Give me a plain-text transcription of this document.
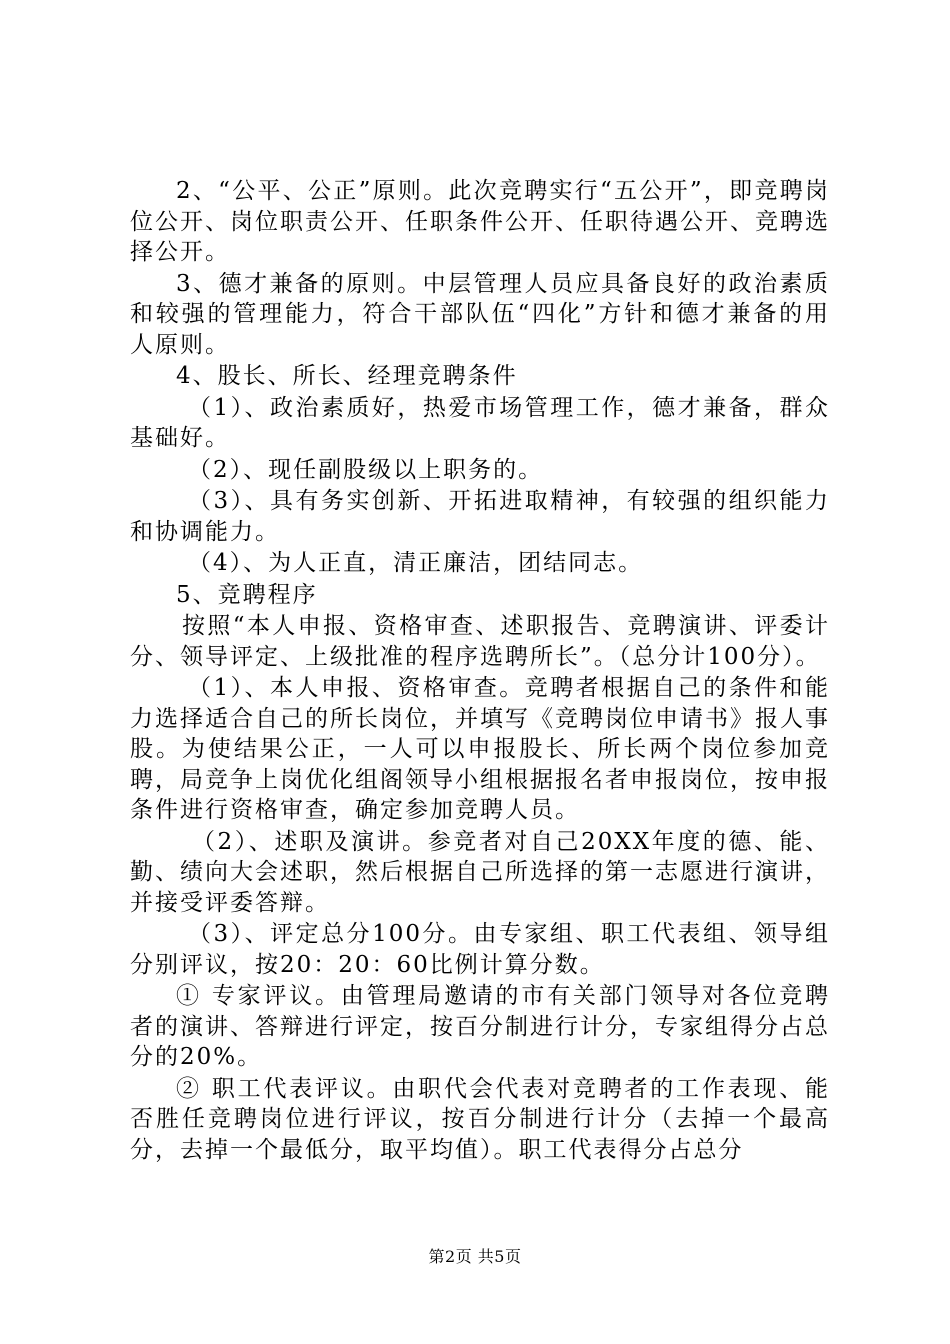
2、“公平、公正”原则。此次竞聘实行“五公开”，即竞聘岗位公开、岗位职责公开、任职条件公开、任职待遇公开、竞聘选择公开。

3、德才兼备的原则。中层管理人员应具备良好的政治素质和较强的管理能力，符合干部队伍“四化”方针和德才兼备的用人原则。

4、股长、所长、经理竞聘条件

（1）、政治素质好，热爱市场管理工作，德才兼备，群众基础好。

（2）、现任副股级以上职务的。

（3）、具有务实创新、开拓进取精神，有较强的组织能力和协调能力。

（4）、为人正直，清正廉洁，团结同志。

5、竞聘程序

按照“本人申报、资格审查、述职报告、竞聘演讲、评委计分、领导评定、上级批准的程序选聘所长”。（总分计100分）。

（1）、本人申报、资格审查。竞聘者根据自己的条件和能力选择适合自己的所长岗位，并填写《竞聘岗位申请书》报人事股。为使结果公正，一人可以申报股长、所长两个岗位参加竞聘，局竞争上岗优化组阁领导小组根据报名者申报岗位，按申报条件进行资格审查，确定参加竞聘人员。

（2）、述职及演讲。参竞者对自己20XX年度的德、能、勤、绩向大会述职，然后根据自己所选择的第一志愿进行演讲，并接受评委答辩。

（3）、评定总分100分。由专家组、职工代表组、领导组分别评议，按20：20：60比例计算分数。

① 专家评议。由管理局邀请的市有关部门领导对各位竞聘者的演讲、答辩进行评定，按百分制进行计分，专家组得分占总分的20%。

② 职工代表评议。由职代会代表对竞聘者的工作表现、能否胜任竞聘岗位进行评议，按百分制进行计分（去掉一个最高分，去掉一个最低分，取平均值）。职工代表得分占总分

第2页 共5页
